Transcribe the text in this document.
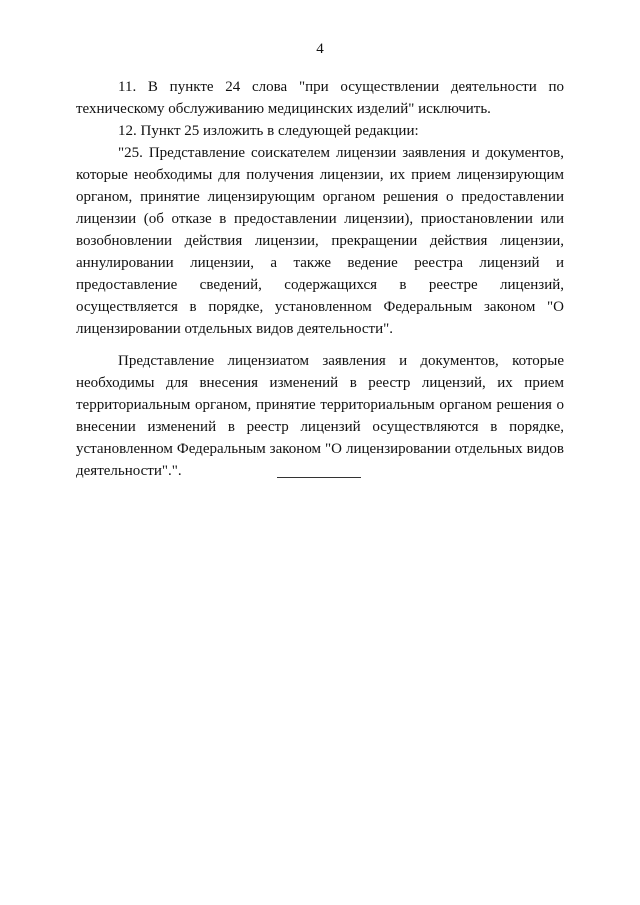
4

11. В пункте 24 слова "при осуществлении деятельности по техническому обслуживанию медицинских изделий" исключить.

12. Пункт 25 изложить в следующей редакции:

"25. Представление соискателем лицензии заявления и документов, которые необходимы для получения лицензии, их прием лицензирующим органом, принятие лицензирующим органом решения о предоставлении лицензии (об отказе в предоставлении лицензии), приостановлении или возобновлении действия лицензии, прекращении действия лицензии, аннулировании лицензии, а также ведение реестра лицензий и предоставление сведений, содержащихся в реестре лицензий, осуществляется в порядке, установленном Федеральным законом "О лицензировании отдельных видов деятельности".

Представление лицензиатом заявления и документов, которые необходимы для внесения изменений в реестр лицензий, их прием территориальным органом, принятие территориальным органом решения о внесении изменений в реестр лицензий осуществляются в порядке, установленном Федеральным законом "О лицензировании отдельных видов деятельности".".
